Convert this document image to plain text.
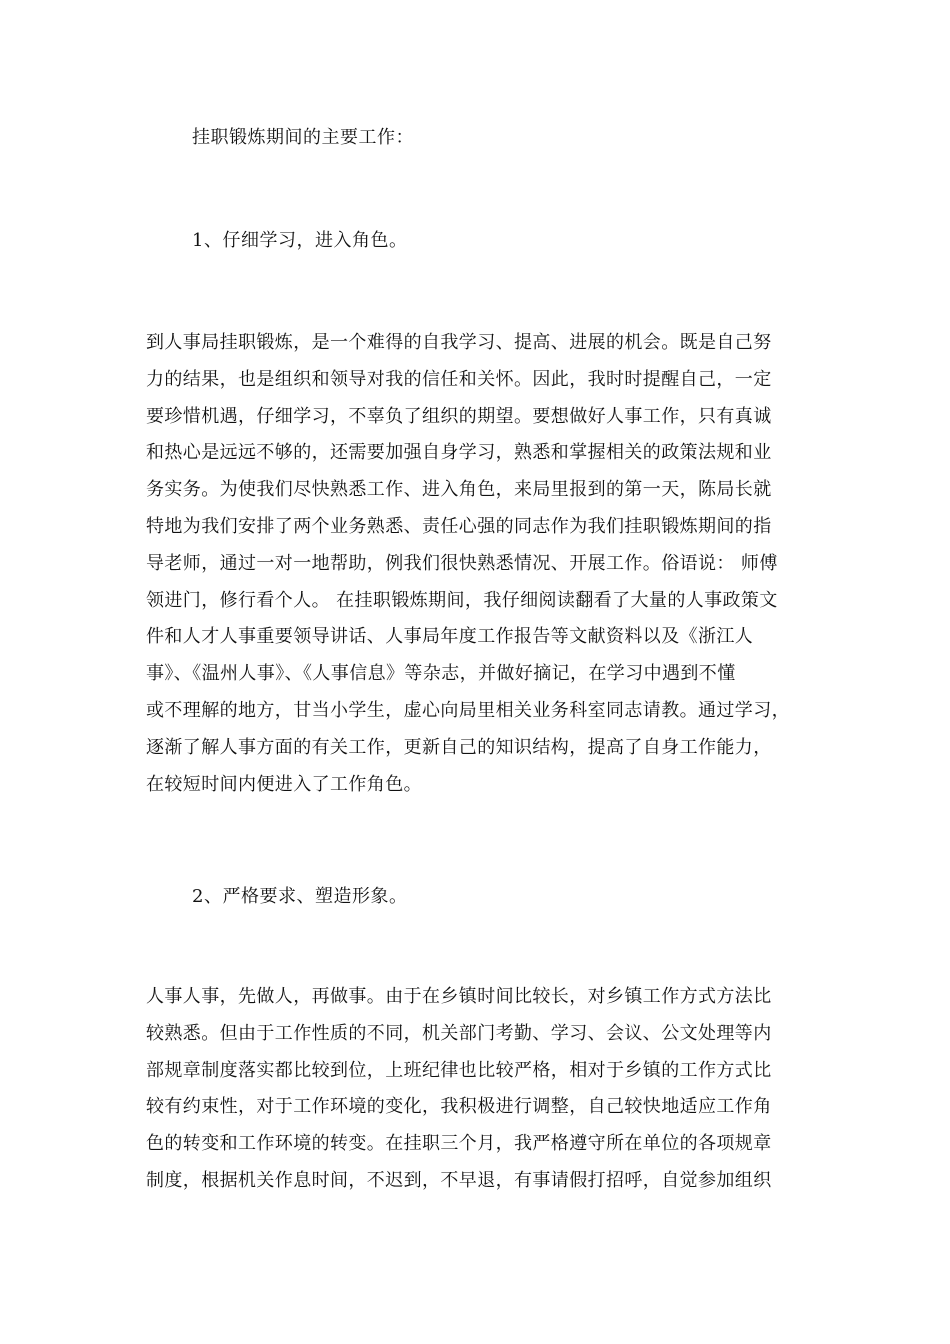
挂职锻炼期间的主要工作：
1、仔细学习，进入角色。
到人事局挂职锻炼，是一个难得的自我学习、提高、进展的机会。既是自己努
力的结果，也是组织和领导对我的信任和关怀。因此，我时时提醒自己，一定
要珍惜机遇，仔细学习，不辜负了组织的期望。要想做好人事工作，只有真诚
和热心是远远不够的，还需要加强自身学习，熟悉和掌握相关的政策法规和业
务实务。为使我们尽快熟悉工作、进入角色，来局里报到的第一天，陈局长就
特地为我们安排了两个业务熟悉、责任心强的同志作为我们挂职锻炼期间的指
导老师，通过一对一地帮助，例我们很快熟悉情况、开展工作。俗语说： 师傅
领进门，修行看个人。 在挂职锻炼期间，我仔细阅读翻看了大量的人事政策文
件和人才人事重要领导讲话、人事局年度工作报告等文献资料以及《浙江人
事》、《温州人事》、《人事信息》等杂志，并做好摘记，在学习中遇到不懂
或不理解的地方，甘当小学生，虚心向局里相关业务科室同志请教。通过学习，
逐渐了解人事方面的有关工作，更新自己的知识结构，提高了自身工作能力，
在较短时间内便进入了工作角色。
2、严格要求、塑造形象。
人事人事，先做人，再做事。由于在乡镇时间比较长，对乡镇工作方式方法比
较熟悉。但由于工作性质的不同，机关部门考勤、学习、会议、公文处理等内
部规章制度落实都比较到位，上班纪律也比较严格，相对于乡镇的工作方式比
较有约束性，对于工作环境的变化，我积极进行调整，自己较快地适应工作角
色的转变和工作环境的转变。在挂职三个月，我严格遵守所在单位的各项规章
制度，根据机关作息时间，不迟到，不早退，有事请假打招呼，自觉参加组织
